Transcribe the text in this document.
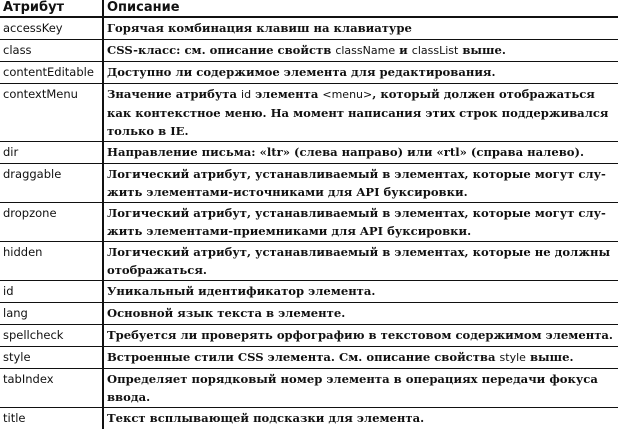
Атрибут	Описание
accessKey	Горячая комбинация клавиш на клавиатуре
class	CSS-класс: см. описание свойств className и classList выше.
contentEditable	Доступно ли содержимое элемента для редактирования.
contextMenu	Значение атрибута id элемента <menu>, который должен отображаться как контекстное меню. На момент написания этих строк поддерживался только в IE.
dir	Направление письма: «ltr» (слева направо) или «rtl» (справа налево).
draggable	Логический атрибут, устанавливаемый в элементах, которые могут служить элементами-источниками для API буксировки.
dropzone	Логический атрибут, устанавливаемый в элементах, которые могут служить элементами-приемниками для API буксировки.
hidden	Логический атрибут, устанавливаемый в элементах, которые не должны отображаться.
id	Уникальный идентификатор элемента.
lang	Основной язык текста в элементе.
spellcheck	Требуется ли проверять орфографию в текстовом содержимом элемента.
style	Встроенные стили CSS элемента. См. описание свойства style выше.
tabIndex	Определяет порядковый номер элемента в операциях передачи фокуса ввода.
title	Текст всплывающей подсказки для элемента.
